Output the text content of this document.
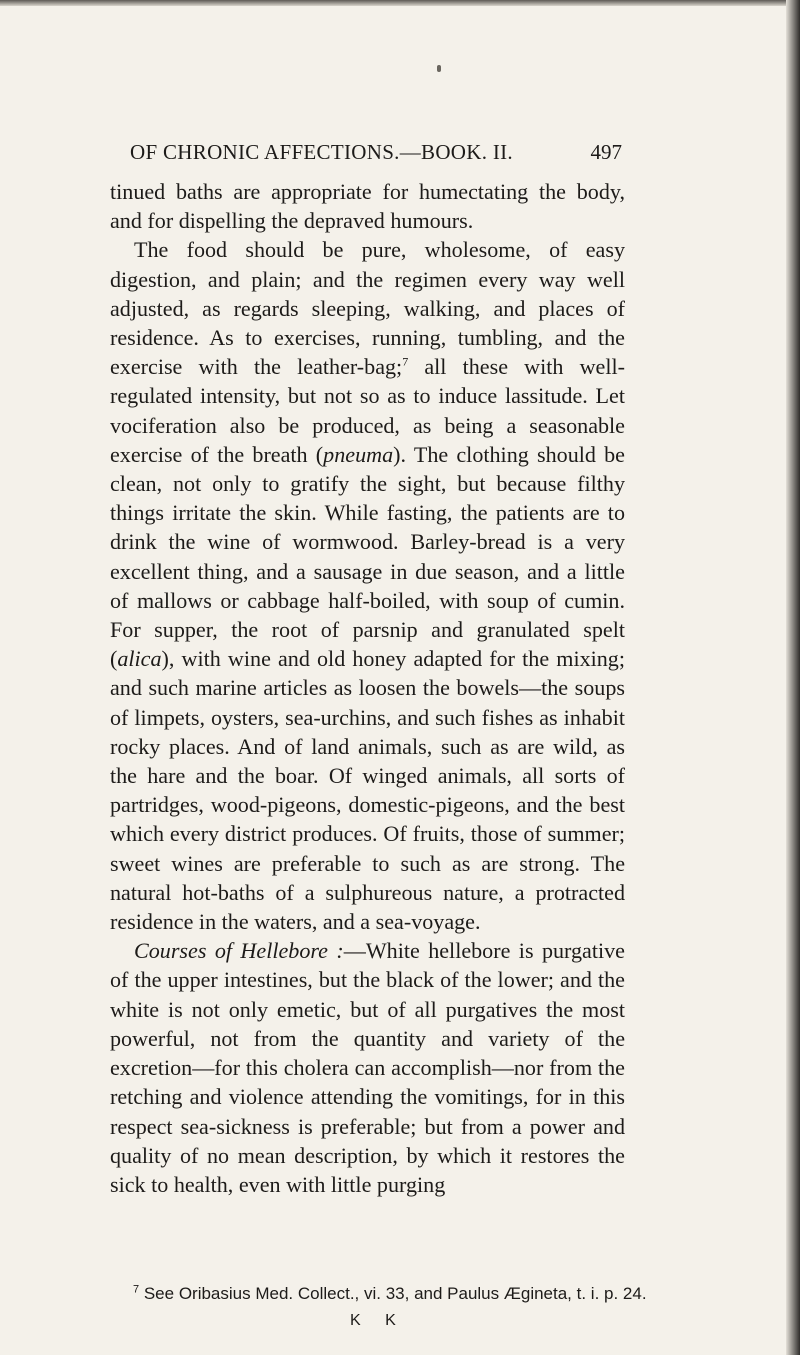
OF CHRONIC AFFECTIONS.—BOOK. II.	497

tinued baths are appropriate for humectating the body, and for dispelling the depraved humours.

The food should be pure, wholesome, of easy digestion, and plain; and the regimen every way well adjusted, as regards sleeping, walking, and places of residence. As to exercises, running, tumbling, and the exercise with the leather-bag;$^7$ all these with well-regulated intensity, but not so as to induce lassitude. Let vociferation also be produced, as being a seasonable exercise of the breath (pneuma). The clothing should be clean, not only to gratify the sight, but because filthy things irritate the skin. While fasting, the patients are to drink the wine of wormwood. Barley-bread is a very excellent thing, and a sausage in due season, and a little of mallows or cabbage half-boiled, with soup of cumin. For supper, the root of parsnip and granulated spelt (alica), with wine and old honey adapted for the mixing; and such marine articles as loosen the bowels—the soups of limpets, oysters, sea-urchins, and such fishes as inhabit rocky places. And of land animals, such as are wild, as the hare and the boar. Of winged animals, all sorts of partridges, wood-pigeons, domestic-pigeons, and the best which every district produces. Of fruits, those of summer; sweet wines are preferable to such as are strong. The natural hot-baths of a sulphureous nature, a protracted residence in the waters, and a sea-voyage.

Courses of Hellebore :—White hellebore is purgative of the upper intestines, but the black of the lower; and the white is not only emetic, but of all purgatives the most powerful, not from the quantity and variety of the excretion—for this cholera can accomplish—nor from the retching and violence attending the vomitings, for in this respect sea-sickness is preferable; but from a power and quality of no mean description, by which it restores the sick to health, even with little purging

$^7$ See Oribasius Med. Collect., vi. 33, and Paulus Ægineta, t. i. p. 24.
K K
